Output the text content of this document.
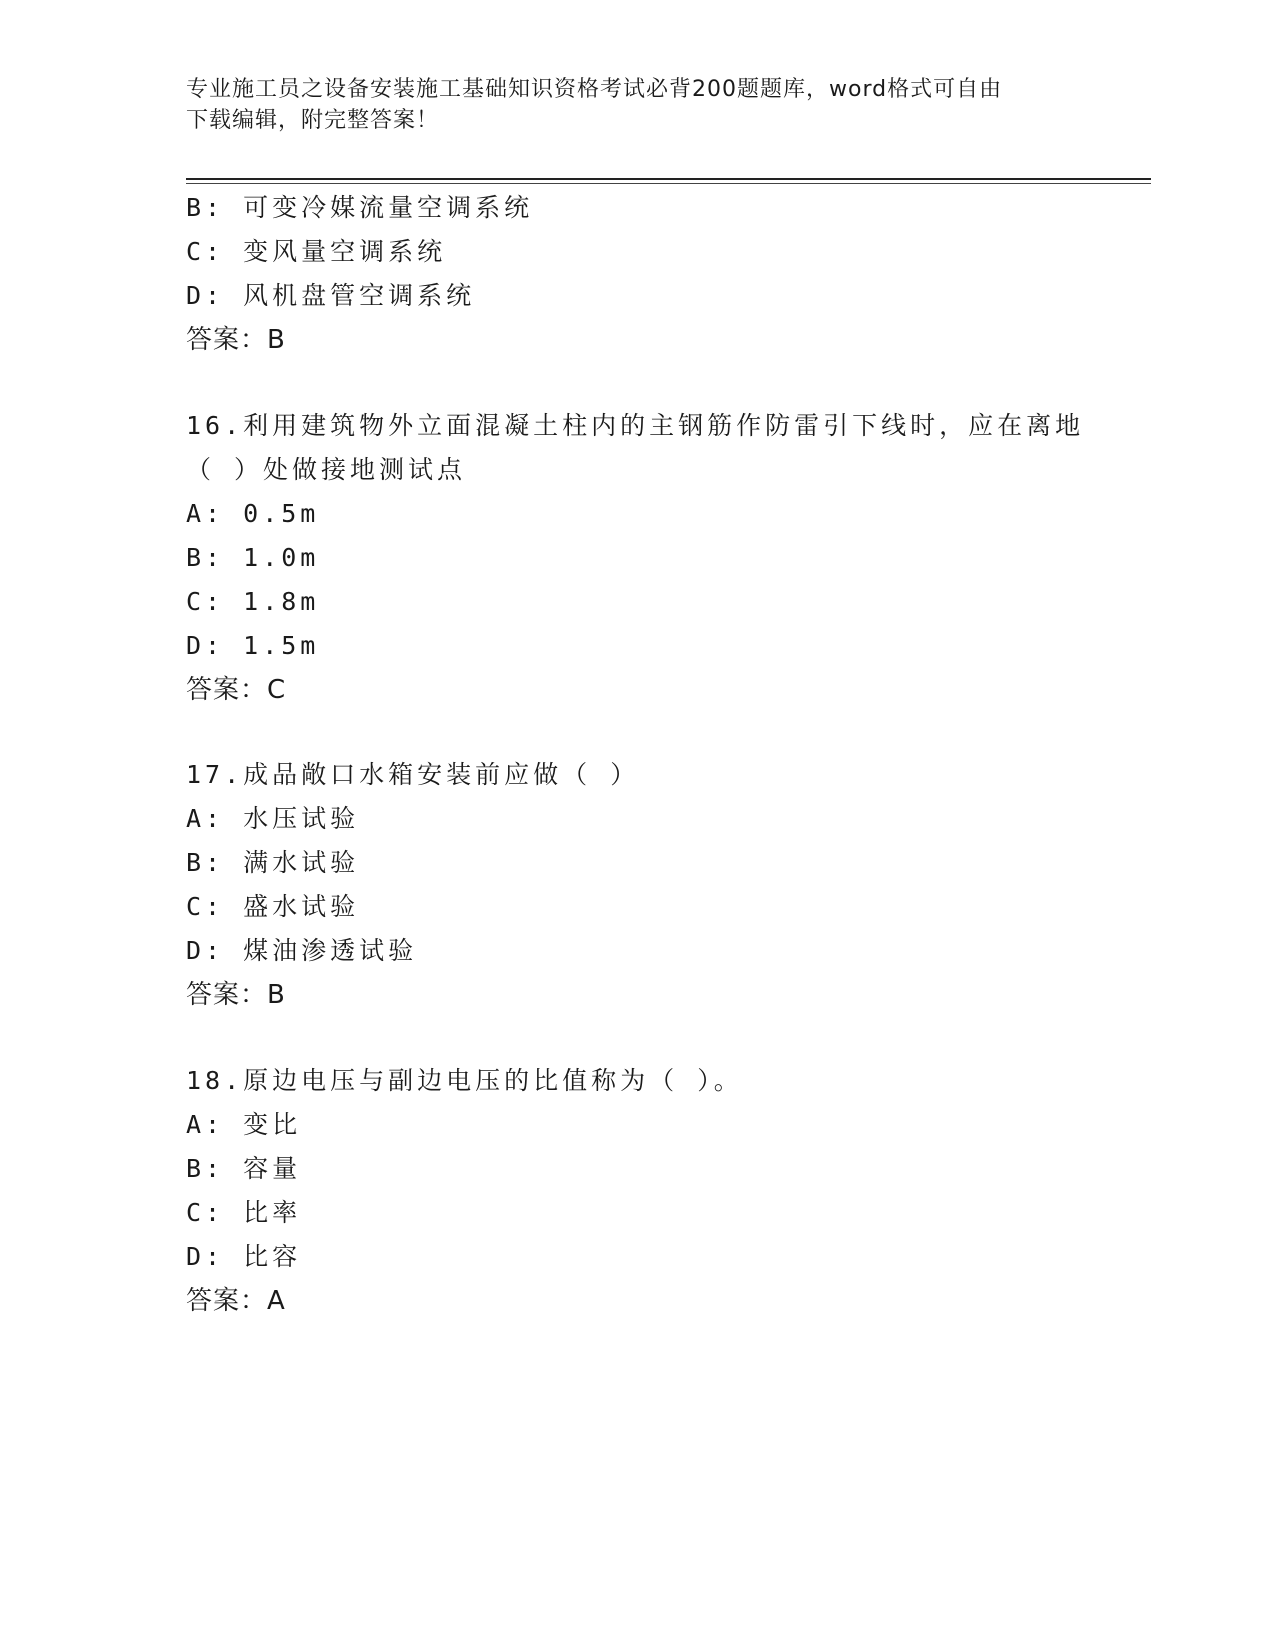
专业施工员之设备安装施工基础知识资格考试必背200题题库，word格式可自由
下载编辑，附完整答案！
B: 可变冷媒流量空调系统
C: 变风量空调系统
D: 风机盘管空调系统
答案：B
16.利用建筑物外立面混凝土柱内的主钢筋作防雷引下线时，应在离地
（ ）处做接地测试点
A: 0.5m
B: 1.0m
C: 1.8m
D: 1.5m
答案：C
17.成品敞口水箱安装前应做（ ）
A: 水压试验
B: 满水试验
C: 盛水试验
D: 煤油渗透试验
答案：B
18.原边电压与副边电压的比值称为（ ）。
A: 变比
B: 容量
C: 比率
D: 比容
答案：A
